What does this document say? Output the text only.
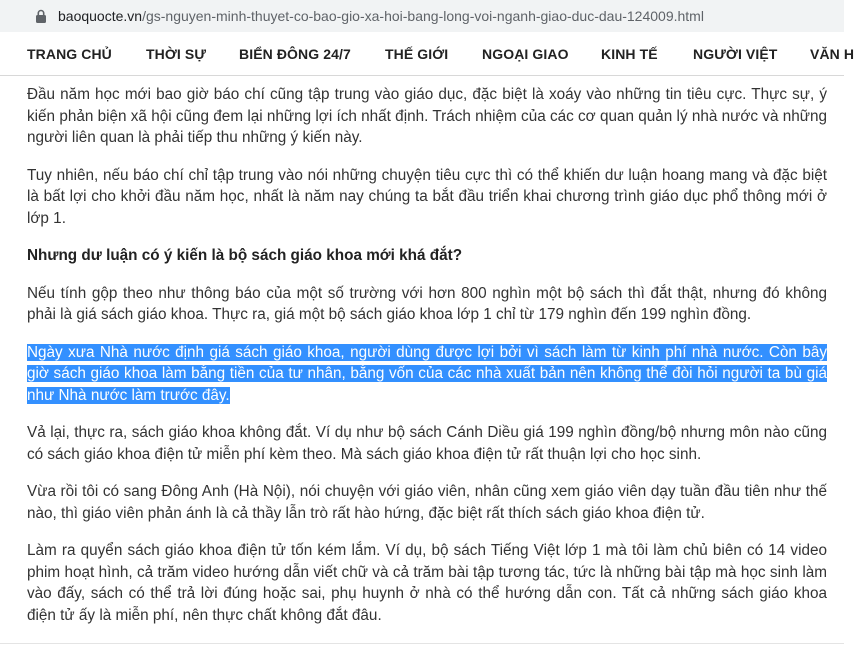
baoquocte.vn/gs-nguyen-minh-thuyet-co-bao-gio-xa-hoi-bang-long-voi-nganh-giao-duc-dau-124009.html
TRANG CHỦ THỜI SỰ BIỂN ĐÔNG 24/7 THẾ GIỚI NGOẠI GIAO KINH TẾ	NGƯỜI VIỆT VĂN H

Đầu năm học mới bao giờ báo chí cũng tập trung vào giáo dục, đặc biệt là xoáy vào những tin tiêu cực. Thực sự, ý kiến phản biện xã hội cũng đem lại những lợi ích nhất định. Trách nhiệm của các cơ quan quản lý nhà nước và những người liên quan là phải tiếp thu những ý kiến này.

Tuy nhiên, nếu báo chí chỉ tập trung vào nói những chuyện tiêu cực thì có thể khiến dư luận hoang mang và đặc biệt là bất lợi cho khởi đầu năm học, nhất là năm nay chúng ta bắt đầu triển khai chương trình giáo dục phổ thông mới ở lớp 1.

Nhưng dư luận có ý kiến là bộ sách giáo khoa mới khá đắt?

Nếu tính gộp theo như thông báo của một số trường với hơn 800 nghìn một bộ sách thì đắt thật, nhưng đó không phải là giá sách giáo khoa. Thực ra, giá một bộ sách giáo khoa lớp 1 chỉ từ 179 nghìn đến 199 nghìn đồng.

Ngày xưa Nhà nước định giá sách giáo khoa, người dùng được lợi bởi vì sách làm từ kinh phí nhà nước. Còn bây giờ sách giáo khoa làm bằng tiền của tư nhân, bằng vốn của các nhà xuất bản nên không thể đòi hỏi người ta bù giá như Nhà nước làm trước đây.

Vả lại, thực ra, sách giáo khoa không đắt. Ví dụ như bộ sách Cánh Diều giá 199 nghìn đồng/bộ nhưng môn nào cũng có sách giáo khoa điện tử miễn phí kèm theo. Mà sách giáo khoa điện tử rất thuận lợi cho học sinh.

Vừa rồi tôi có sang Đông Anh (Hà Nội), nói chuyện với giáo viên, nhân cũng xem giáo viên dạy tuần đầu tiên như thế nào, thì giáo viên phản ánh là cả thầy lẫn trò rất hào hứng, đặc biệt rất thích sách giáo khoa điện tử.

Làm ra quyển sách giáo khoa điện tử tốn kém lắm. Ví dụ, bộ sách Tiếng Việt lớp 1 mà tôi làm chủ biên có 14 video phim hoạt hình, cả trăm video hướng dẫn viết chữ và cả trăm bài tập tương tác, tức là những bài tập mà học sinh làm vào đấy, sách có thể trả lời đúng hoặc sai, phụ huynh ở nhà có thể hướng dẫn con. Tất cả những sách giáo khoa điện tử ấy là miễn phí, nên thực chất không đắt đâu.
